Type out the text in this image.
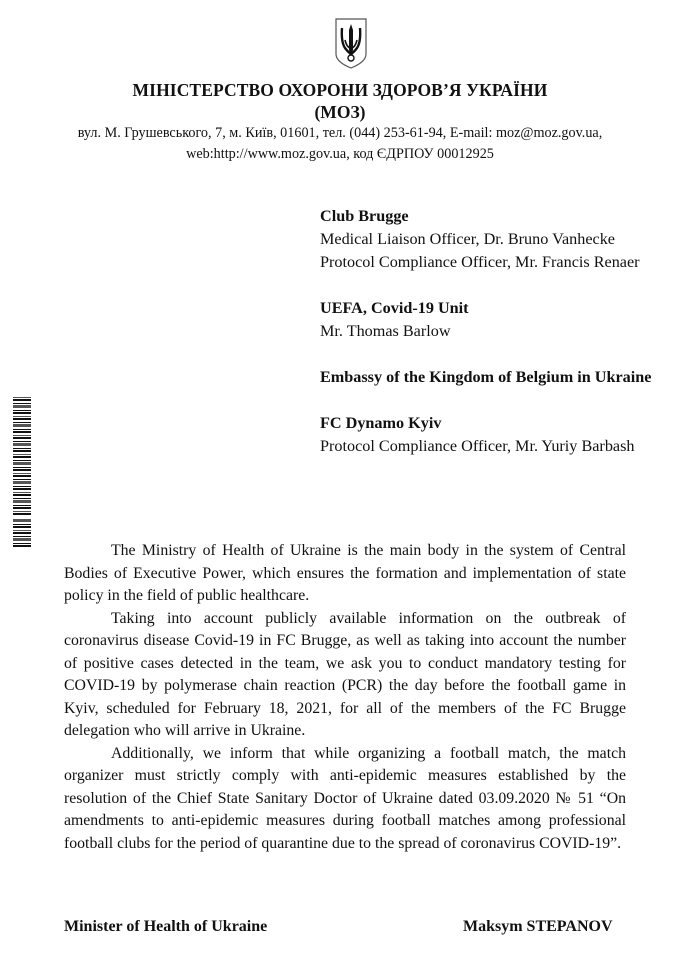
МІНІСТЕРСТВО ОХОРОНИ ЗДОРОВ’Я УКРАЇНИ
(МОЗ)
вул. М. Грушевського, 7, м. Київ, 01601, тел. (044) 253-61-94, E-mail: moz@moz.gov.ua,
web:http://www.moz.gov.ua, код ЄДРПОУ 00012925
Club Brugge
Medical Liaison Officer, Dr. Bruno Vanhecke
Protocol Compliance Officer, Mr. Francis Renaer
UEFA, Covid-19 Unit
Mr. Thomas Barlow
Embassy of the Kingdom of Belgium in Ukraine
FC Dynamo Kyiv
Protocol Compliance Officer, Mr. Yuriy Barbash

The Ministry of Health of Ukraine is the main body in the system of Central Bodies of Executive Power, which ensures the formation and implementation of state policy in the field of public healthcare.

Taking into account publicly available information on the outbreak of coronavirus disease Covid-19 in FC Brugge, as well as taking into account the number of positive cases detected in the team, we ask you to conduct mandatory testing for COVID-19 by polymerase chain reaction (PCR) the day before the football game in Kyiv, scheduled for February 18, 2021, for all of the members of the FC Brugge delegation who will arrive in Ukraine.

Additionally, we inform that while organizing a football match, the match organizer must strictly comply with anti-epidemic measures established by the resolution of the Chief State Sanitary Doctor of Ukraine dated 03.09.2020 № 51 “On amendments to anti-epidemic measures during football matches among professional football clubs for the period of quarantine due to the spread of coronavirus COVID-19”.

Minister of Health of Ukraine	Maksym STEPANOV
